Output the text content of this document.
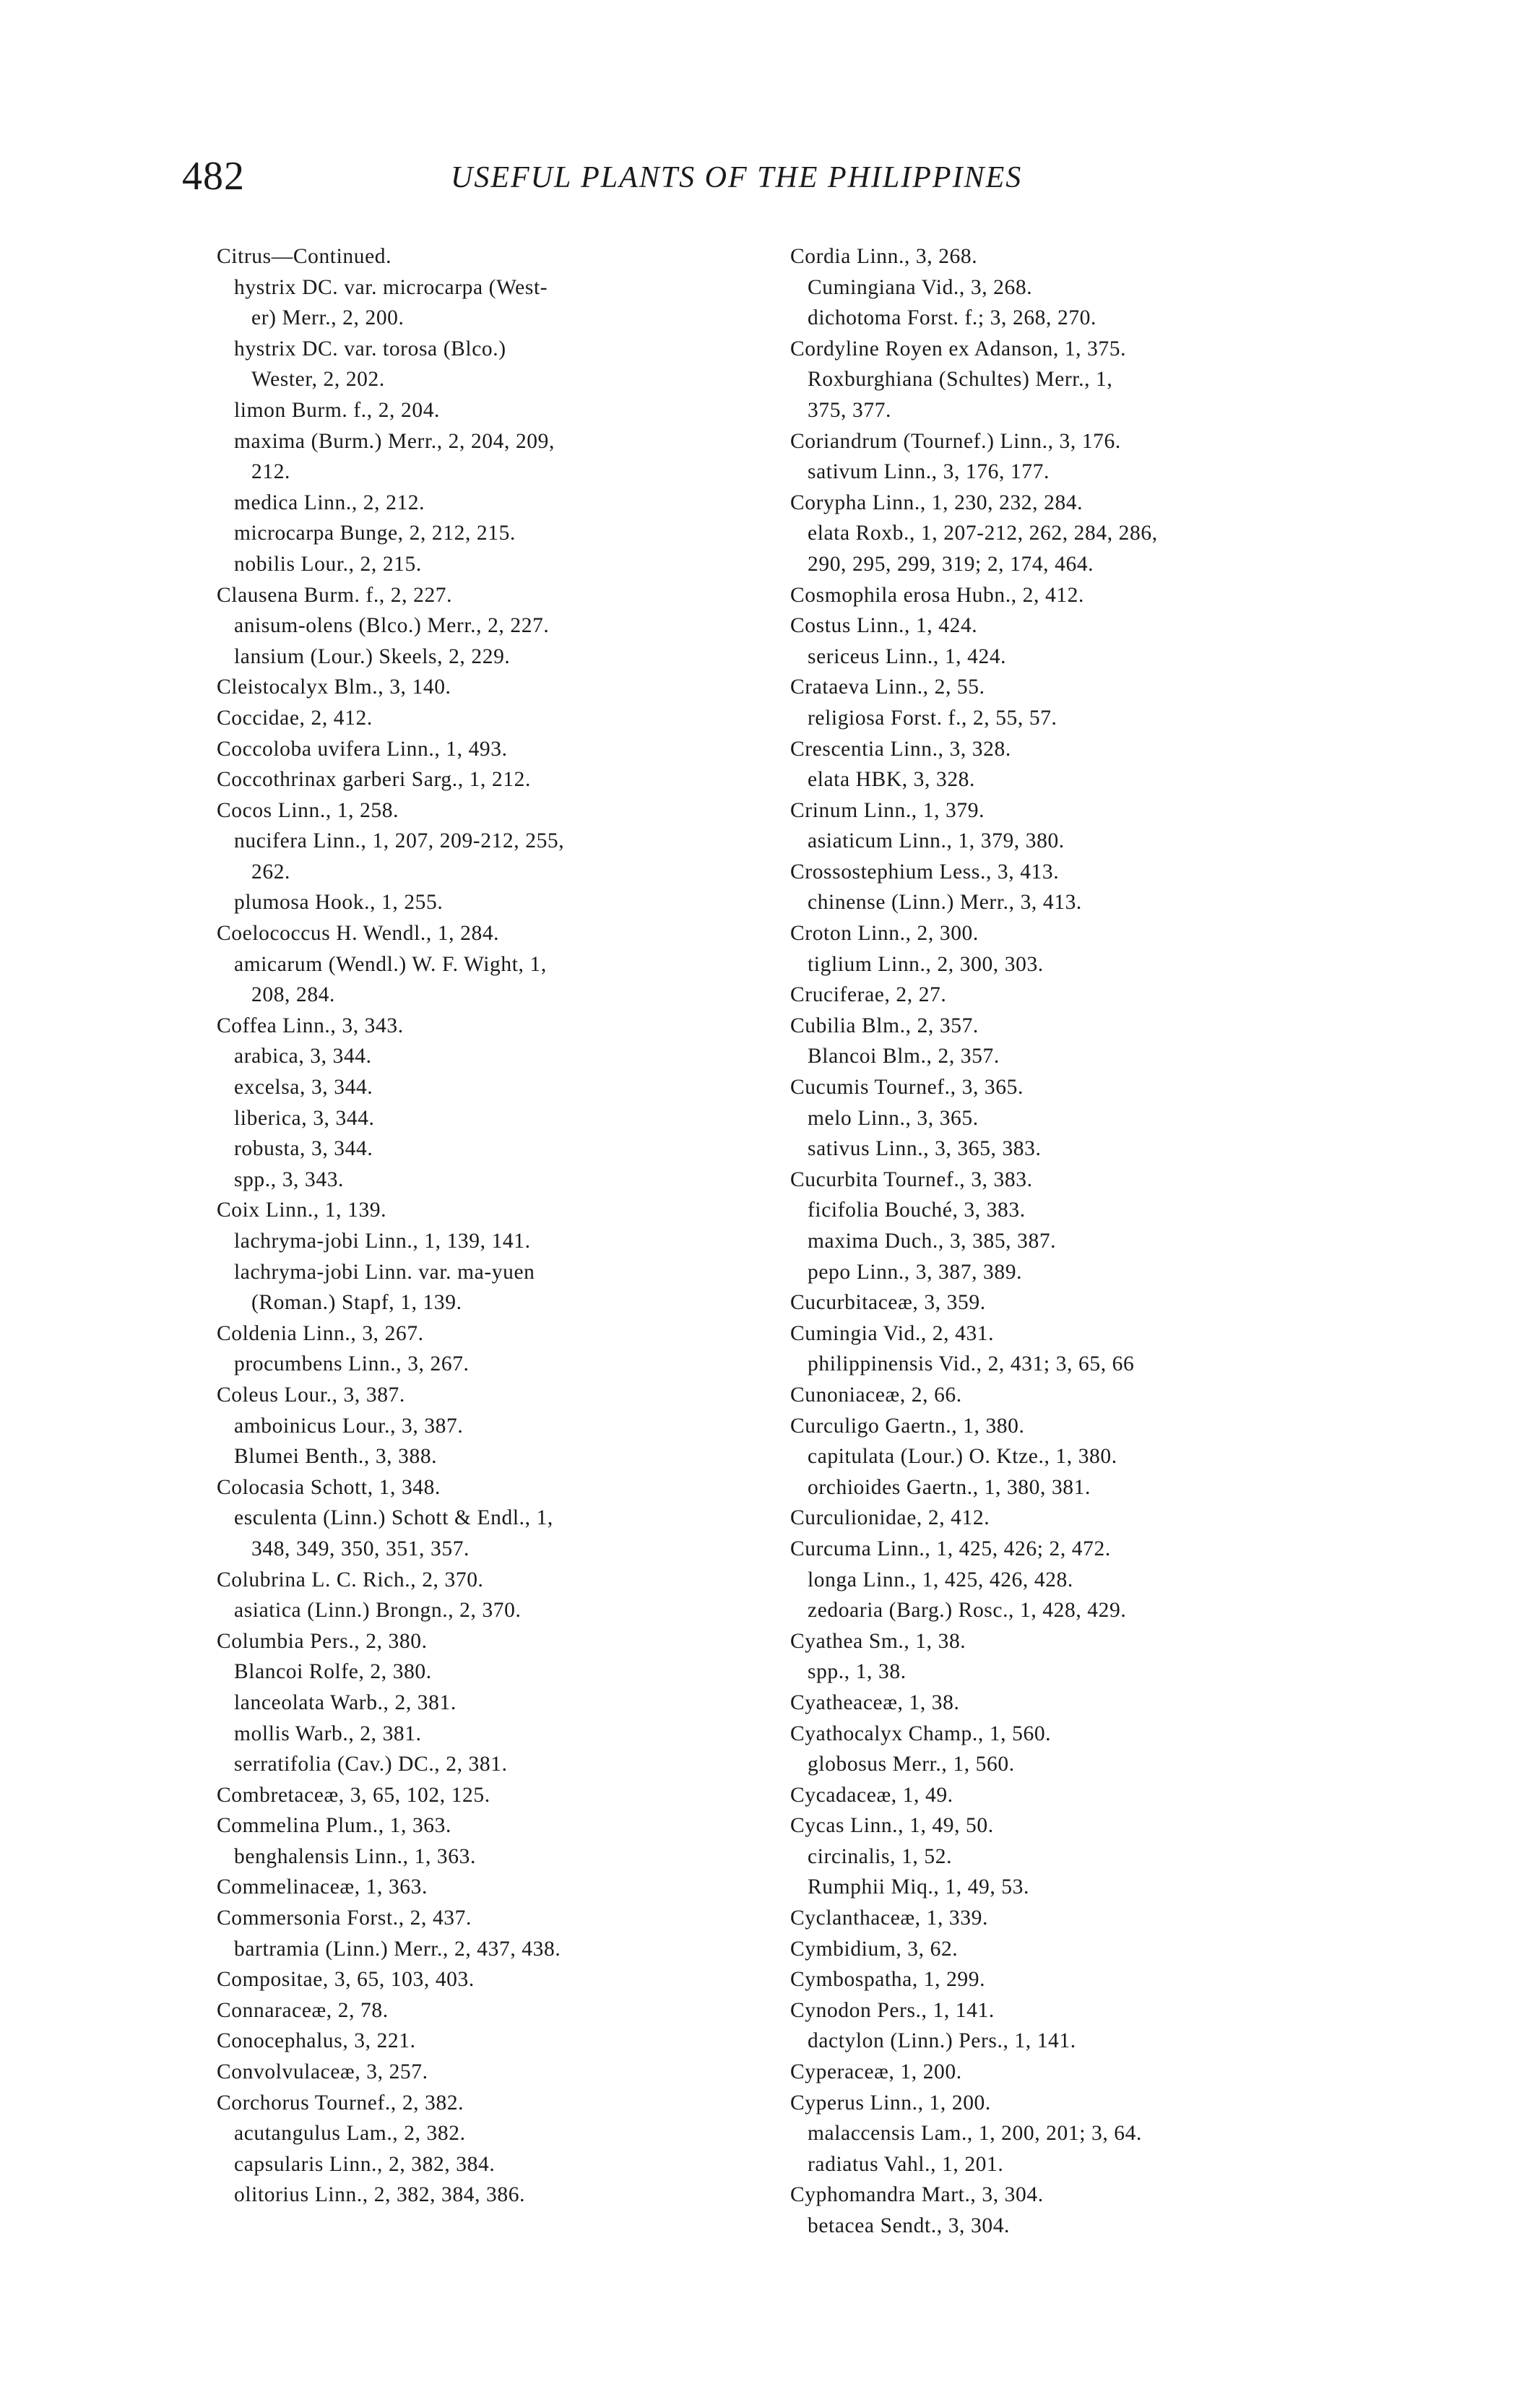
482	USEFUL PLANTS OF THE PHILIPPINES
Citrus—Continued.
hystrix DC. var. microcarpa (West-
er) Merr., 2, 200.
hystrix DC. var. torosa (Blco.)
Wester, 2, 202.
limon Burm. f., 2, 204.
maxima (Burm.) Merr., 2, 204, 209,
212.
medica Linn., 2, 212.
microcarpa Bunge, 2, 212, 215.
nobilis Lour., 2, 215.
Clausena Burm. f., 2, 227.
anisum-olens (Blco.) Merr., 2, 227.
lansium (Lour.) Skeels, 2, 229.
Cleistocalyx Blm., 3, 140.
Coccidae, 2, 412.
Coccoloba uvifera Linn., 1, 493.
Coccothrinax garberi Sarg., 1, 212.
Cocos Linn., 1, 258.
nucifera Linn., 1, 207, 209-212, 255,
262.
plumosa Hook., 1, 255.
Coelococcus H. Wendl., 1, 284.
amicarum (Wendl.) W. F. Wight, 1,
208, 284.
Coffea Linn., 3, 343.
arabica, 3, 344.
excelsa, 3, 344.
liberica, 3, 344.
robusta, 3, 344.
spp., 3, 343.
Coix Linn., 1, 139.
lachryma-jobi Linn., 1, 139, 141.
lachryma-jobi Linn. var. ma-yuen
(Roman.) Stapf, 1, 139.
Coldenia Linn., 3, 267.
procumbens Linn., 3, 267.
Coleus Lour., 3, 387.
amboinicus Lour., 3, 387.
Blumei Benth., 3, 388.
Colocasia Schott, 1, 348.
esculenta (Linn.) Schott & Endl., 1,
348, 349, 350, 351, 357.
Colubrina L. C. Rich., 2, 370.
asiatica (Linn.) Brongn., 2, 370.
Columbia Pers., 2, 380.
Blancoi Rolfe, 2, 380.
lanceolata Warb., 2, 381.
mollis Warb., 2, 381.
serratifolia (Cav.) DC., 2, 381.
Combretaceæ, 3, 65, 102, 125.
Commelina Plum., 1, 363.
benghalensis Linn., 1, 363.
Commelinaceæ, 1, 363.
Commersonia Forst., 2, 437.
bartramia (Linn.) Merr., 2, 437, 438.
Compositae, 3, 65, 103, 403.
Connaraceæ, 2, 78.
Conocephalus, 3, 221.
Convolvulaceæ, 3, 257.
Corchorus Tournef., 2, 382.
acutangulus Lam., 2, 382.
capsularis Linn., 2, 382, 384.
olitorius Linn., 2, 382, 384, 386.
Cordia Linn., 3, 268.
Cumingiana Vid., 3, 268.
dichotoma Forst. f.; 3, 268, 270.
Cordyline Royen ex Adanson, 1, 375.
Roxburghiana (Schultes) Merr., 1,
375, 377.
Coriandrum (Tournef.) Linn., 3, 176.
sativum Linn., 3, 176, 177.
Corypha Linn., 1, 230, 232, 284.
elata Roxb., 1, 207-212, 262, 284, 286,
290, 295, 299, 319; 2, 174, 464.
Cosmophila erosa Hubn., 2, 412.
Costus Linn., 1, 424.
sericeus Linn., 1, 424.
Crataeva Linn., 2, 55.
religiosa Forst. f., 2, 55, 57.
Crescentia Linn., 3, 328.
elata HBK, 3, 328.
Crinum Linn., 1, 379.
asiaticum Linn., 1, 379, 380.
Crossostephium Less., 3, 413.
chinense (Linn.) Merr., 3, 413.
Croton Linn., 2, 300.
tiglium Linn., 2, 300, 303.
Cruciferae, 2, 27.
Cubilia Blm., 2, 357.
Blancoi Blm., 2, 357.
Cucumis Tournef., 3, 365.
melo Linn., 3, 365.
sativus Linn., 3, 365, 383.
Cucurbita Tournef., 3, 383.
ficifolia Bouché, 3, 383.
maxima Duch., 3, 385, 387.
pepo Linn., 3, 387, 389.
Cucurbitaceæ, 3, 359.
Cumingia Vid., 2, 431.
philippinensis Vid., 2, 431; 3, 65, 66
Cunoniaceæ, 2, 66.
Curculigo Gaertn., 1, 380.
capitulata (Lour.) O. Ktze., 1, 380.
orchioides Gaertn., 1, 380, 381.
Curculionidae, 2, 412.
Curcuma Linn., 1, 425, 426; 2, 472.
longa Linn., 1, 425, 426, 428.
zedoaria (Barg.) Rosc., 1, 428, 429.
Cyathea Sm., 1, 38.
spp., 1, 38.
Cyatheaceæ, 1, 38.
Cyathocalyx Champ., 1, 560.
globosus Merr., 1, 560.
Cycadaceæ, 1, 49.
Cycas Linn., 1, 49, 50.
circinalis, 1, 52.
Rumphii Miq., 1, 49, 53.
Cyclanthaceæ, 1, 339.
Cymbidium, 3, 62.
Cymbospatha, 1, 299.
Cynodon Pers., 1, 141.
dactylon (Linn.) Pers., 1, 141.
Cyperaceæ, 1, 200.
Cyperus Linn., 1, 200.
malaccensis Lam., 1, 200, 201; 3, 64.
radiatus Vahl., 1, 201.
Cyphomandra Mart., 3, 304.
betacea Sendt., 3, 304.
